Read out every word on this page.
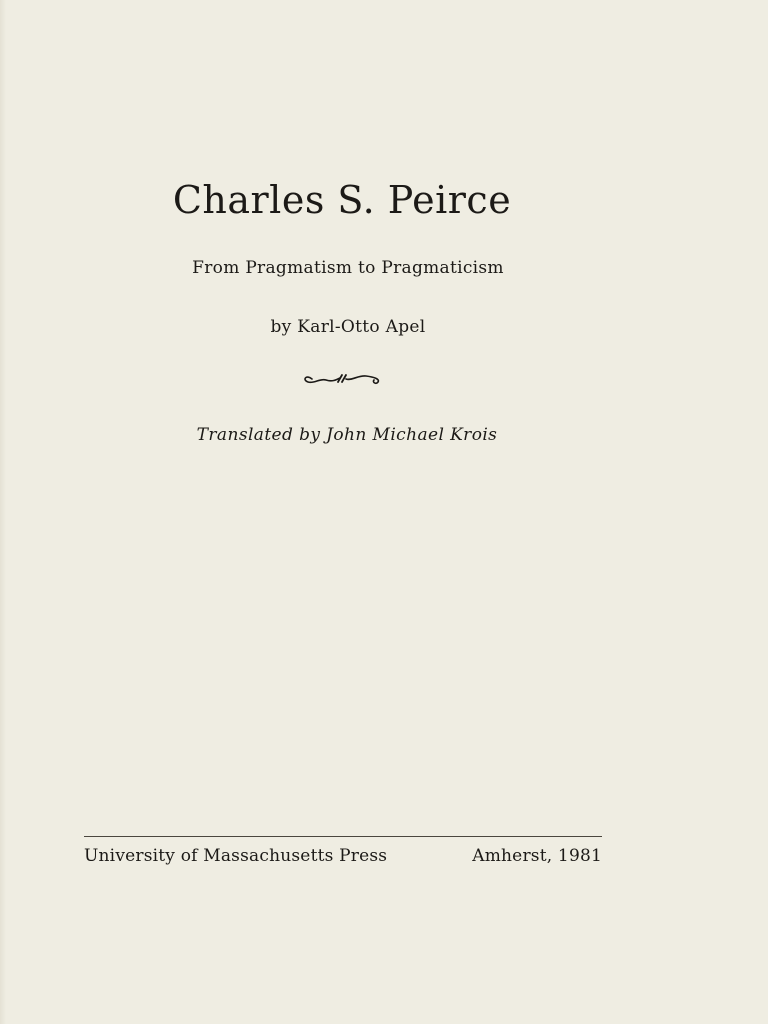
Charles S. Peirce
From Pragmatism to Pragmaticism
by Karl-Otto Apel
Translated by John Michael Krois
University of Massachusetts Press	Amherst, 1981
